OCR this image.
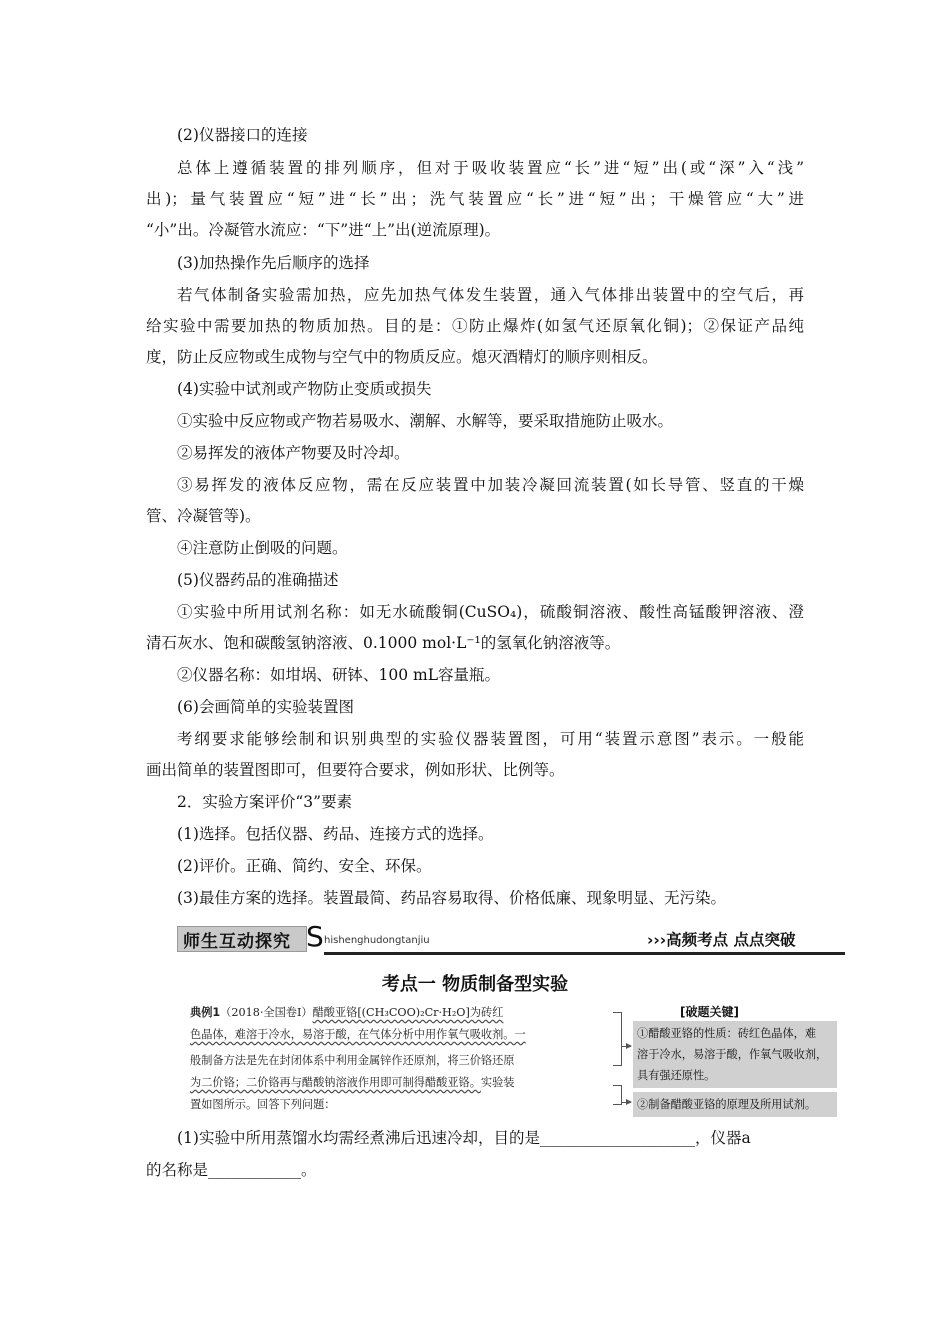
(2)仪器接口的连接
总体上遵循装置的排列顺序，但对于吸收装置应“长”进“短”出(或“深”入“浅”
出)；量气装置应“短”进“长”出；洗气装置应“长”进“短”出；干燥管应“大”进
“小”出。冷凝管水流应：“下”进“上”出(逆流原理)。
(3)加热操作先后顺序的选择
若气体制备实验需加热，应先加热气体发生装置，通入气体排出装置中的空气后，再
给实验中需要加热的物质加热。目的是：①防止爆炸(如氢气还原氧化铜)；②保证产品纯
度，防止反应物或生成物与空气中的物质反应。熄灭酒精灯的顺序则相反。
(4)实验中试剂或产物防止变质或损失
①实验中反应物或产物若易吸水、潮解、水解等，要采取措施防止吸水。
②易挥发的液体产物要及时冷却。
③易挥发的液体反应物，需在反应装置中加装冷凝回流装置(如长导管、竖直的干燥
管、冷凝管等)。
④注意防止倒吸的问题。
(5)仪器药品的准确描述
①实验中所用试剂名称：如无水硫酸铜(CuSO₄)，硫酸铜溶液、酸性高锰酸钾溶液、澄
清石灰水、饱和碳酸氢钠溶液、0.1000 mol·L⁻¹的氢氧化钠溶液等。
②仪器名称：如坩埚、研钵、100 mL容量瓶。
(6)会画简单的实验装置图
考纲要求能够绘制和识别典型的实验仪器装置图，可用“装置示意图”表示。一般能
画出简单的装置图即可，但要符合要求，例如形状、比例等。
2．实验方案评价“3”要素
(1)选择。包括仪器、药品、连接方式的选择。
(2)评价。正确、简约、安全、环保。
(3)最佳方案的选择。装置最简、药品容易取得、价格低廉、现象明显、无污染。
师生互动探究 S hishenghudongtanjiu	›››高频考点 点点突破
考点一 物质制备型实验
典例1（2018·全国卷Ⅰ）醋酸亚铬[(CH₃COO)₂Cr·H₂O]为砖红
色晶体，难溶于冷水，易溶于酸，在气体分析中用作氧气吸收剂。一
般制备方法是先在封闭体系中利用金属锌作还原剂，将三价铬还原
为二价铬；二价铬再与醋酸钠溶液作用即可制得醋酸亚铬。实验装
置如图所示。回答下列问题：
[破题关键]
①醋酸亚铬的性质：砖红色晶体，难
溶于冷水，易溶于酸，作氧气吸收剂，
具有强还原性。
②制备醋酸亚铬的原理及所用试剂。
(1)实验中所用蒸馏水均需经煮沸后迅速冷却，目的是____________________，仪器a
的名称是____________。
